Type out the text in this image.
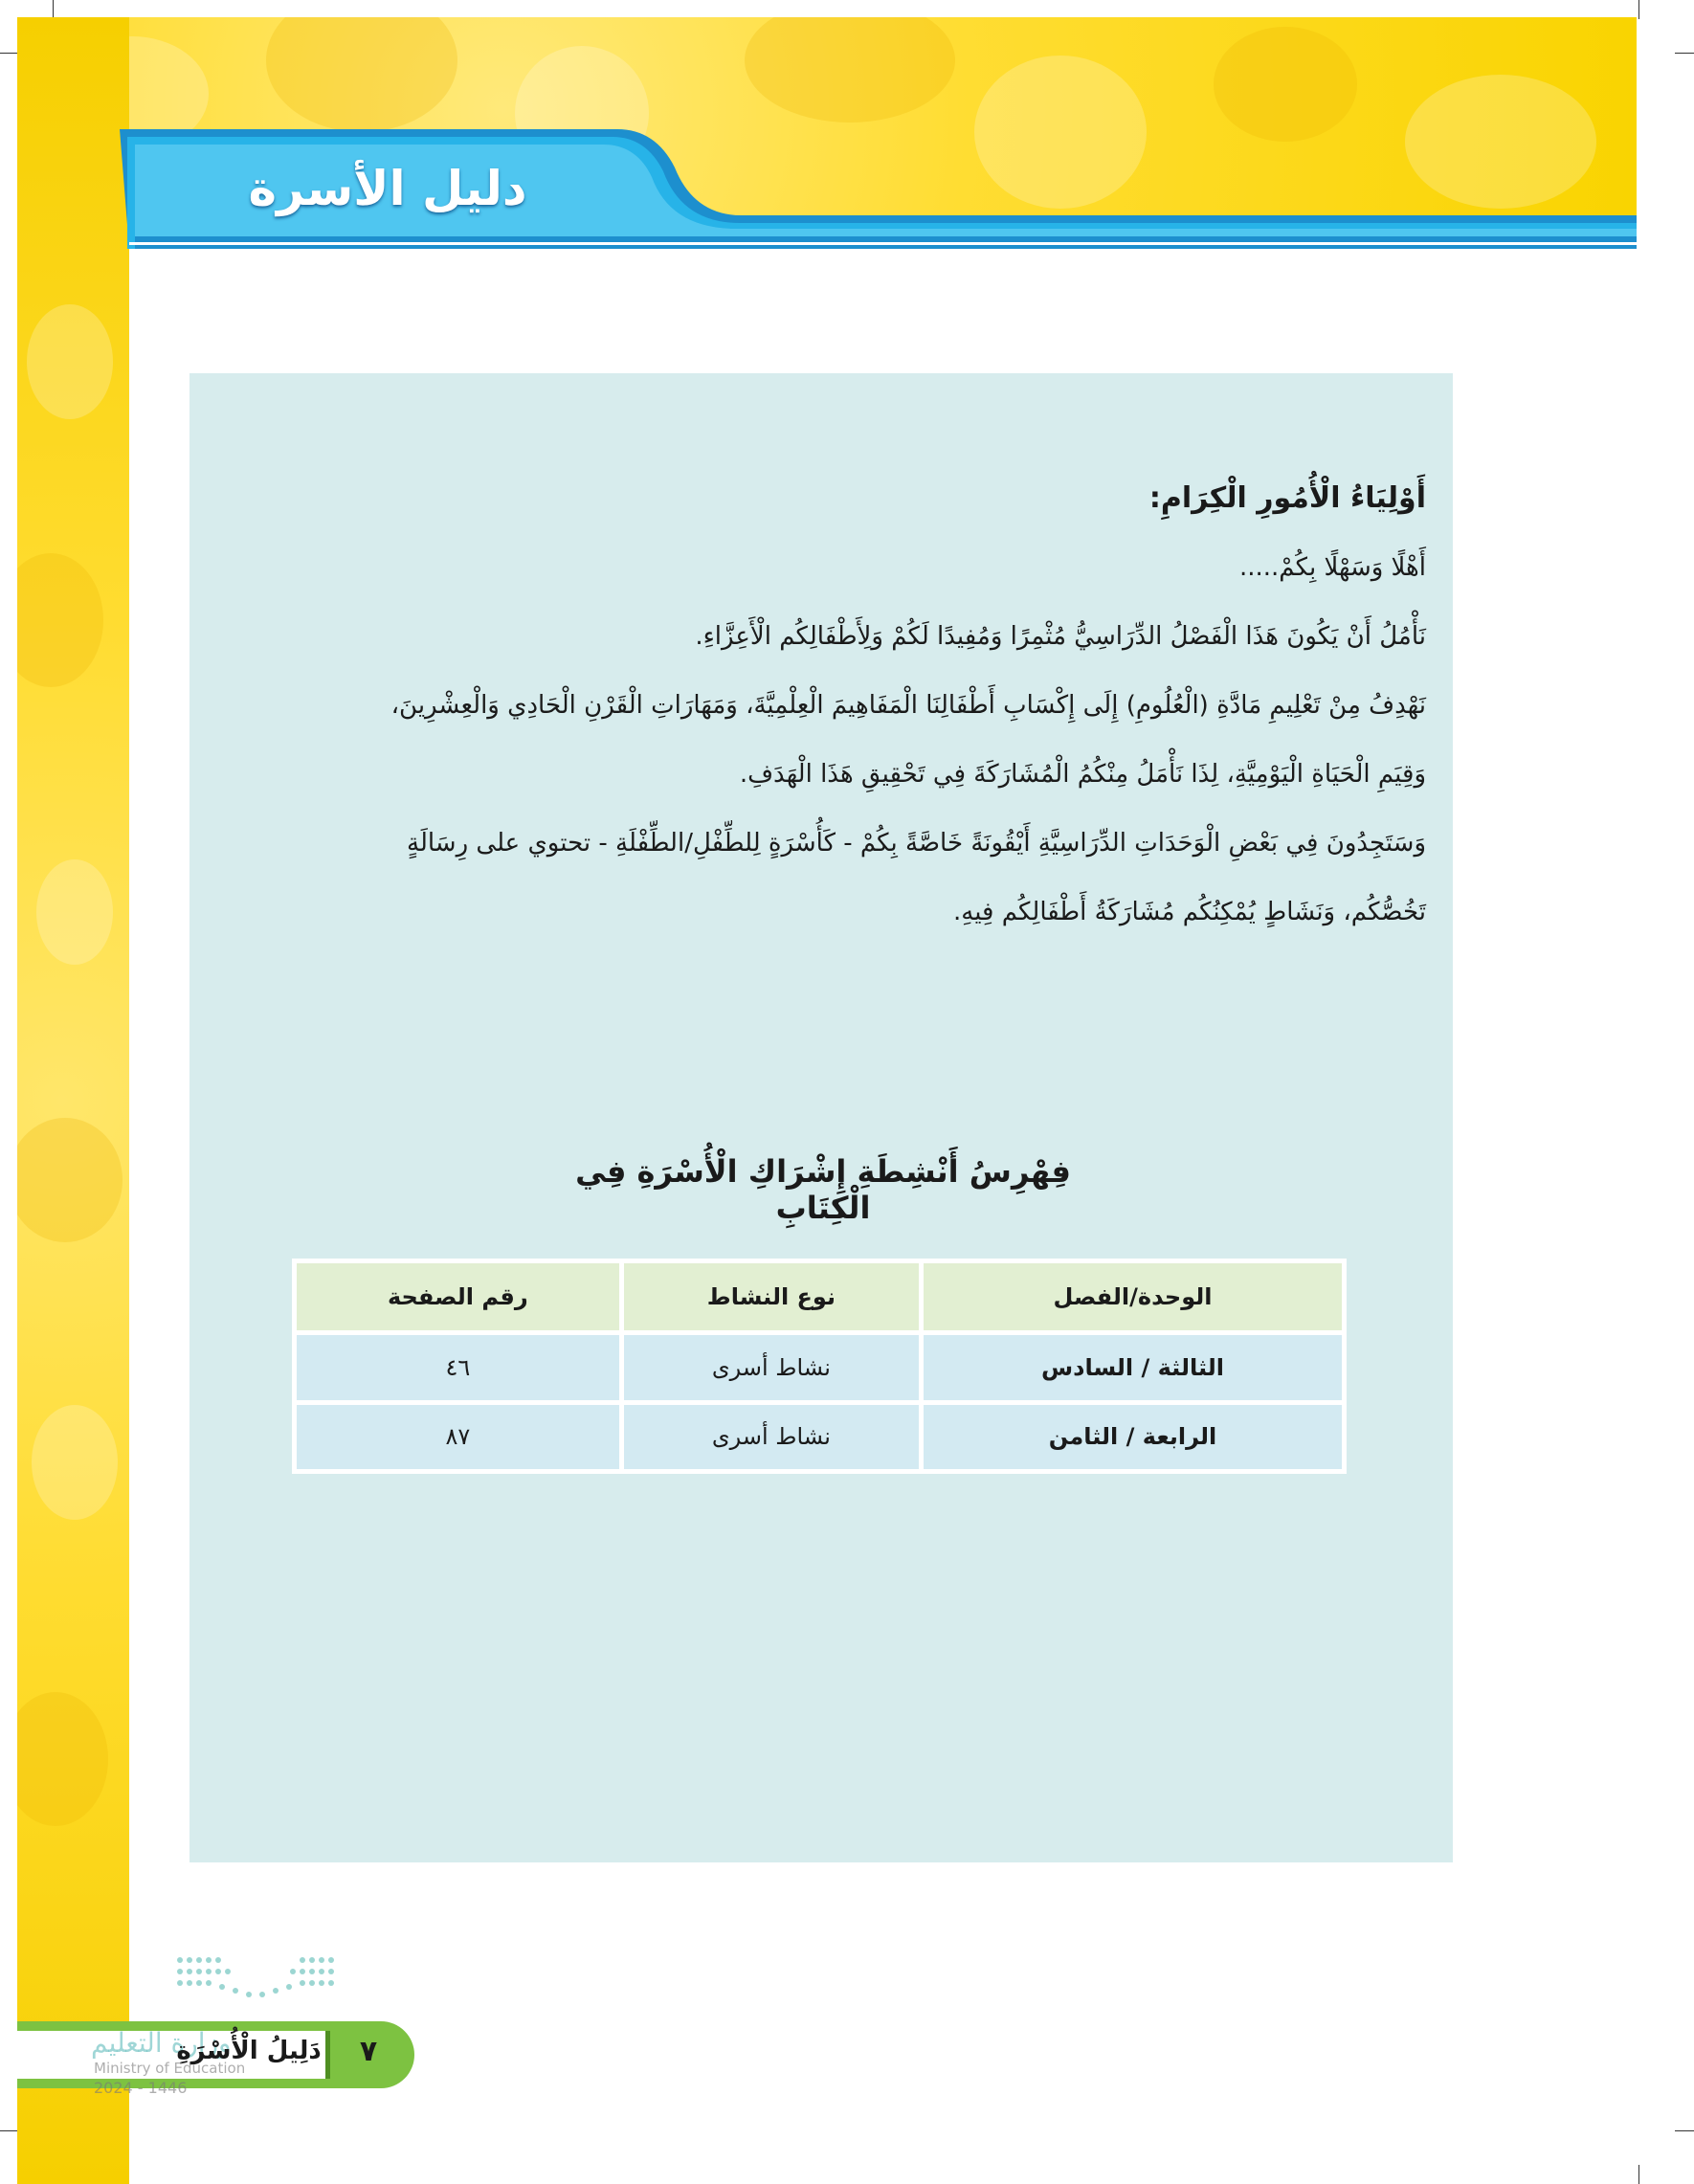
دليل الأسرة

أَوْلِيَاءُ الْأُمُورِ الْكِرَامِ:

أَهْلًا وَسَهْلًا بِكُمْ.....

نَأْمُلُ أَنْ يَكُونَ هَذَا الْفَصْلُ الدِّرَاسِيُّ مُثْمِرًا وَمُفِيدًا لَكُمْ وَلِأَطْفَالِكُم الْأَعِزَّاءِ.

نَهْدِفُ مِنْ تَعْلِيمِ مَادَّةِ (الْعُلُومِ) إِلَى إِكْسَابِ أَطْفَالِنَا الْمَفَاهِيمَ الْعِلْمِيَّةَ، وَمَهَارَاتِ الْقَرْنِ الْحَادِي وَالْعِشْرِينَ،

وَقِيَمِ الْحَيَاةِ الْيَوْمِيَّةِ، لِذَا نَأْمَلُ مِنْكُمُ الْمُشَارَكَةَ فِي تَحْقِيقِ هَذَا الْهَدَفِ.

وَسَتَجِدُونَ فِي بَعْضِ الْوَحَدَاتِ الدِّرَاسِيَّةِ أَيْقُونَةً خَاصَّةً بِكُمْ - كَأُسْرَةٍ لِلطِّفْلِ/الطِّفْلَةِ - تحتوي على رِسَالَةٍ

تَخُصُّكُم، وَنَشَاطٍ يُمْكِنُكُم مُشَارَكَةُ أَطْفَالِكُم فِيهِ.

فِهْرِسُ أَنْشِطَةِ إِشْرَاكِ الْأُسْرَةِ فِي الْكِتَابِ
الوحدة/الفصل	نوع النشاط	رقم الصفحة
الثالثة / السادس	نشاط أسرى	٤٦
الرابعة / الثامن	نشاط أسرى	٨٧
وزارة التعليم
دَلِيلُ الْأُسْرَةِ	٧
Ministry of Education
2024 - 1446
